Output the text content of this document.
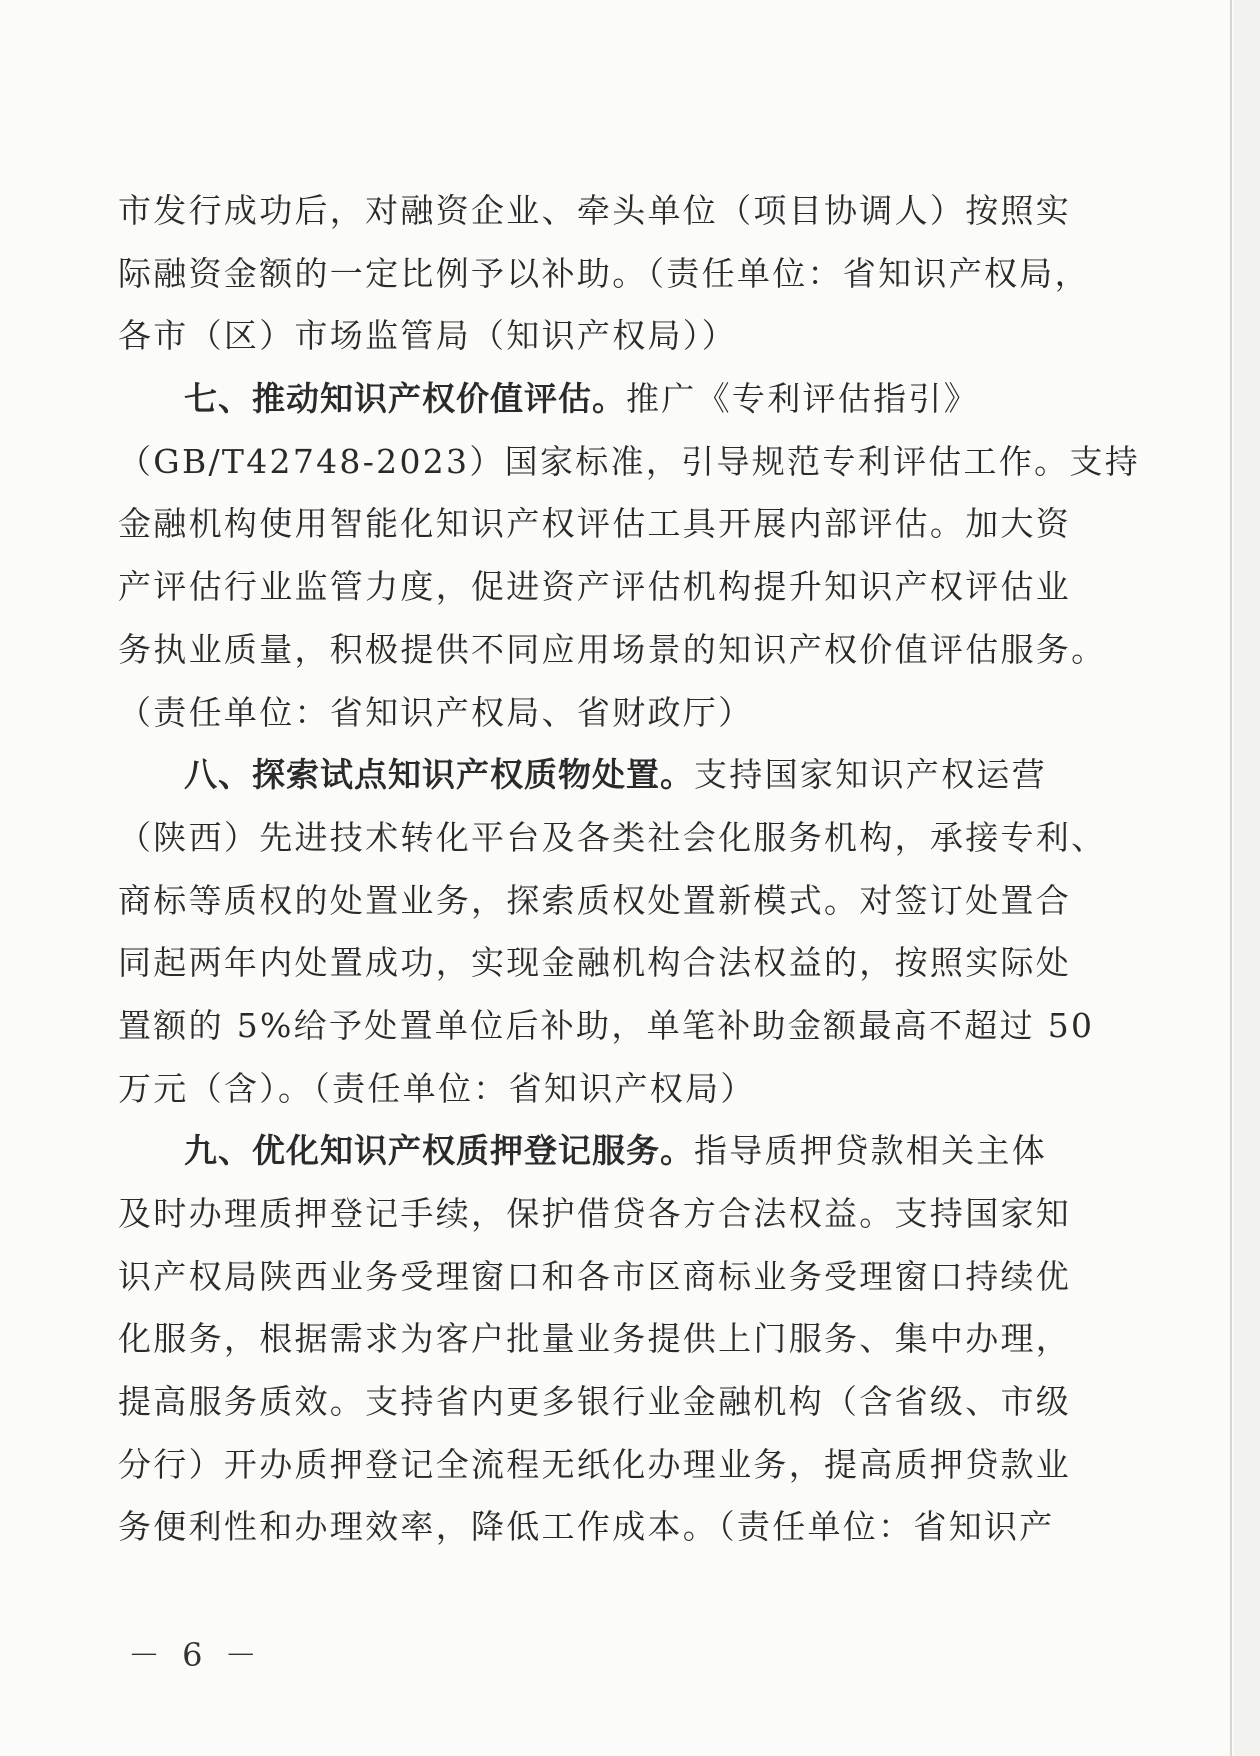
市发行成功后，对融资企业、牵头单位（项目协调人）按照实
际融资金额的一定比例予以补助。（责任单位：省知识产权局，
各市（区）市场监管局（知识产权局））
七、推动知识产权价值评估。推广《专利评估指引》
（GB/T42748-2023）国家标准，引导规范专利评估工作。支持
金融机构使用智能化知识产权评估工具开展内部评估。加大资
产评估行业监管力度，促进资产评估机构提升知识产权评估业
务执业质量，积极提供不同应用场景的知识产权价值评估服务。
（责任单位：省知识产权局、省财政厅）
八、探索试点知识产权质物处置。支持国家知识产权运营
（陕西）先进技术转化平台及各类社会化服务机构，承接专利、
商标等质权的处置业务，探索质权处置新模式。对签订处置合
同起两年内处置成功，实现金融机构合法权益的，按照实际处
置额的 5%给予处置单位后补助，单笔补助金额最高不超过 50
万元（含）。（责任单位：省知识产权局）
九、优化知识产权质押登记服务。指导质押贷款相关主体
及时办理质押登记手续，保护借贷各方合法权益。支持国家知
识产权局陕西业务受理窗口和各市区商标业务受理窗口持续优
化服务，根据需求为客户批量业务提供上门服务、集中办理，
提高服务质效。支持省内更多银行业金融机构（含省级、市级
分行）开办质押登记全流程无纸化办理业务，提高质押贷款业
务便利性和办理效率，降低工作成本。（责任单位：省知识产
－ 6 －
